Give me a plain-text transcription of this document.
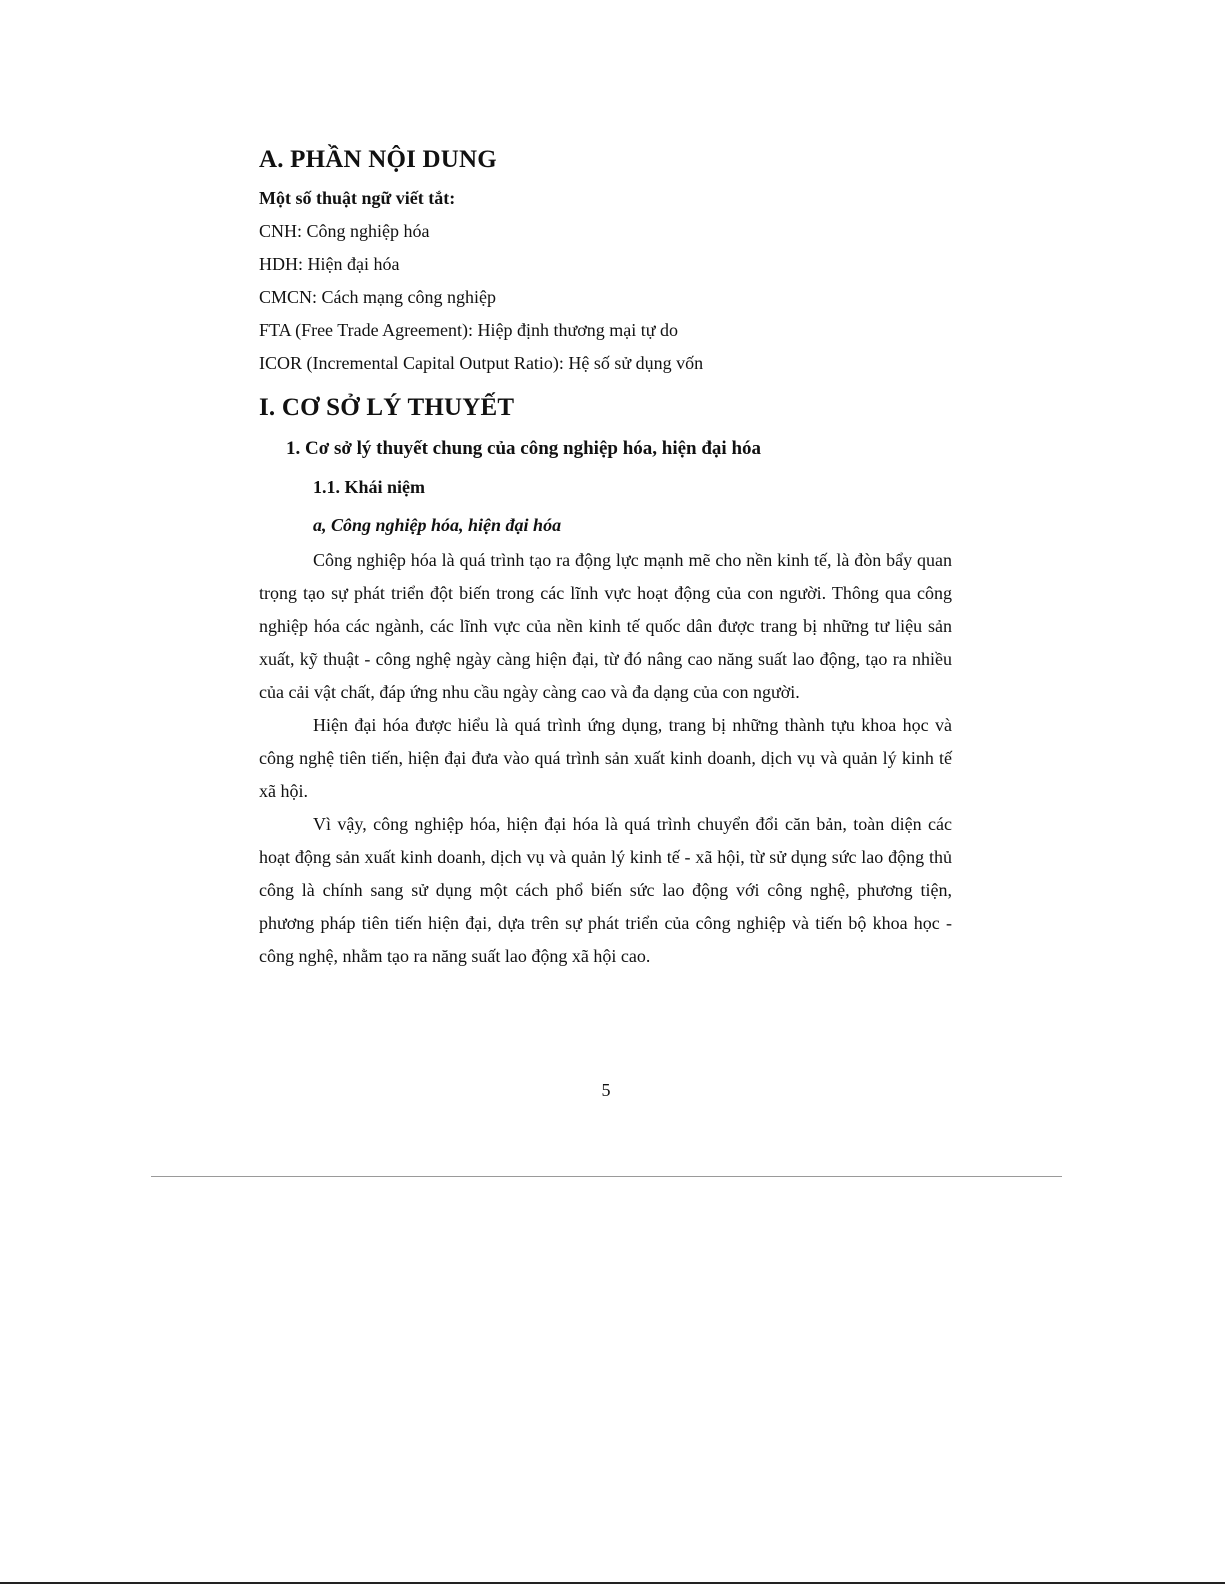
A. PHẦN NỘI DUNG

Một số thuật ngữ viết tắt:

CNH: Công nghiệp hóa

HDH: Hiện đại hóa

CMCN: Cách mạng công nghiệp

FTA (Free Trade Agreement): Hiệp định thương mại tự do

ICOR (Incremental Capital Output Ratio): Hệ số sử dụng vốn

I. CƠ SỞ LÝ THUYẾT
1. Cơ sở lý thuyết chung của công nghiệp hóa, hiện đại hóa
1.1. Khái niệm
a, Công nghiệp hóa, hiện đại hóa

Công nghiệp hóa là quá trình tạo ra động lực mạnh mẽ cho nền kinh tế, là đòn bẩy quan trọng tạo sự phát triển đột biến trong các lĩnh vực hoạt động của con người. Thông qua công nghiệp hóa các ngành, các lĩnh vực của nền kinh tế quốc dân được trang bị những tư liệu sản xuất, kỹ thuật - công nghệ ngày càng hiện đại, từ đó nâng cao năng suất lao động, tạo ra nhiều của cải vật chất, đáp ứng nhu cầu ngày càng cao và đa dạng của con người.

Hiện đại hóa được hiểu là quá trình ứng dụng, trang bị những thành tựu khoa học và công nghệ tiên tiến, hiện đại đưa vào quá trình sản xuất kinh doanh, dịch vụ và quản lý kinh tế xã hội.

Vì vậy, công nghiệp hóa, hiện đại hóa là quá trình chuyển đổi căn bản, toàn diện các hoạt động sản xuất kinh doanh, dịch vụ và quản lý kinh tế - xã hội, từ sử dụng sức lao động thủ công là chính sang sử dụng một cách phổ biến sức lao động với công nghệ, phương tiện, phương pháp tiên tiến hiện đại, dựa trên sự phát triển của công nghiệp và tiến bộ khoa học - công nghệ, nhằm tạo ra năng suất lao động xã hội cao.

5
